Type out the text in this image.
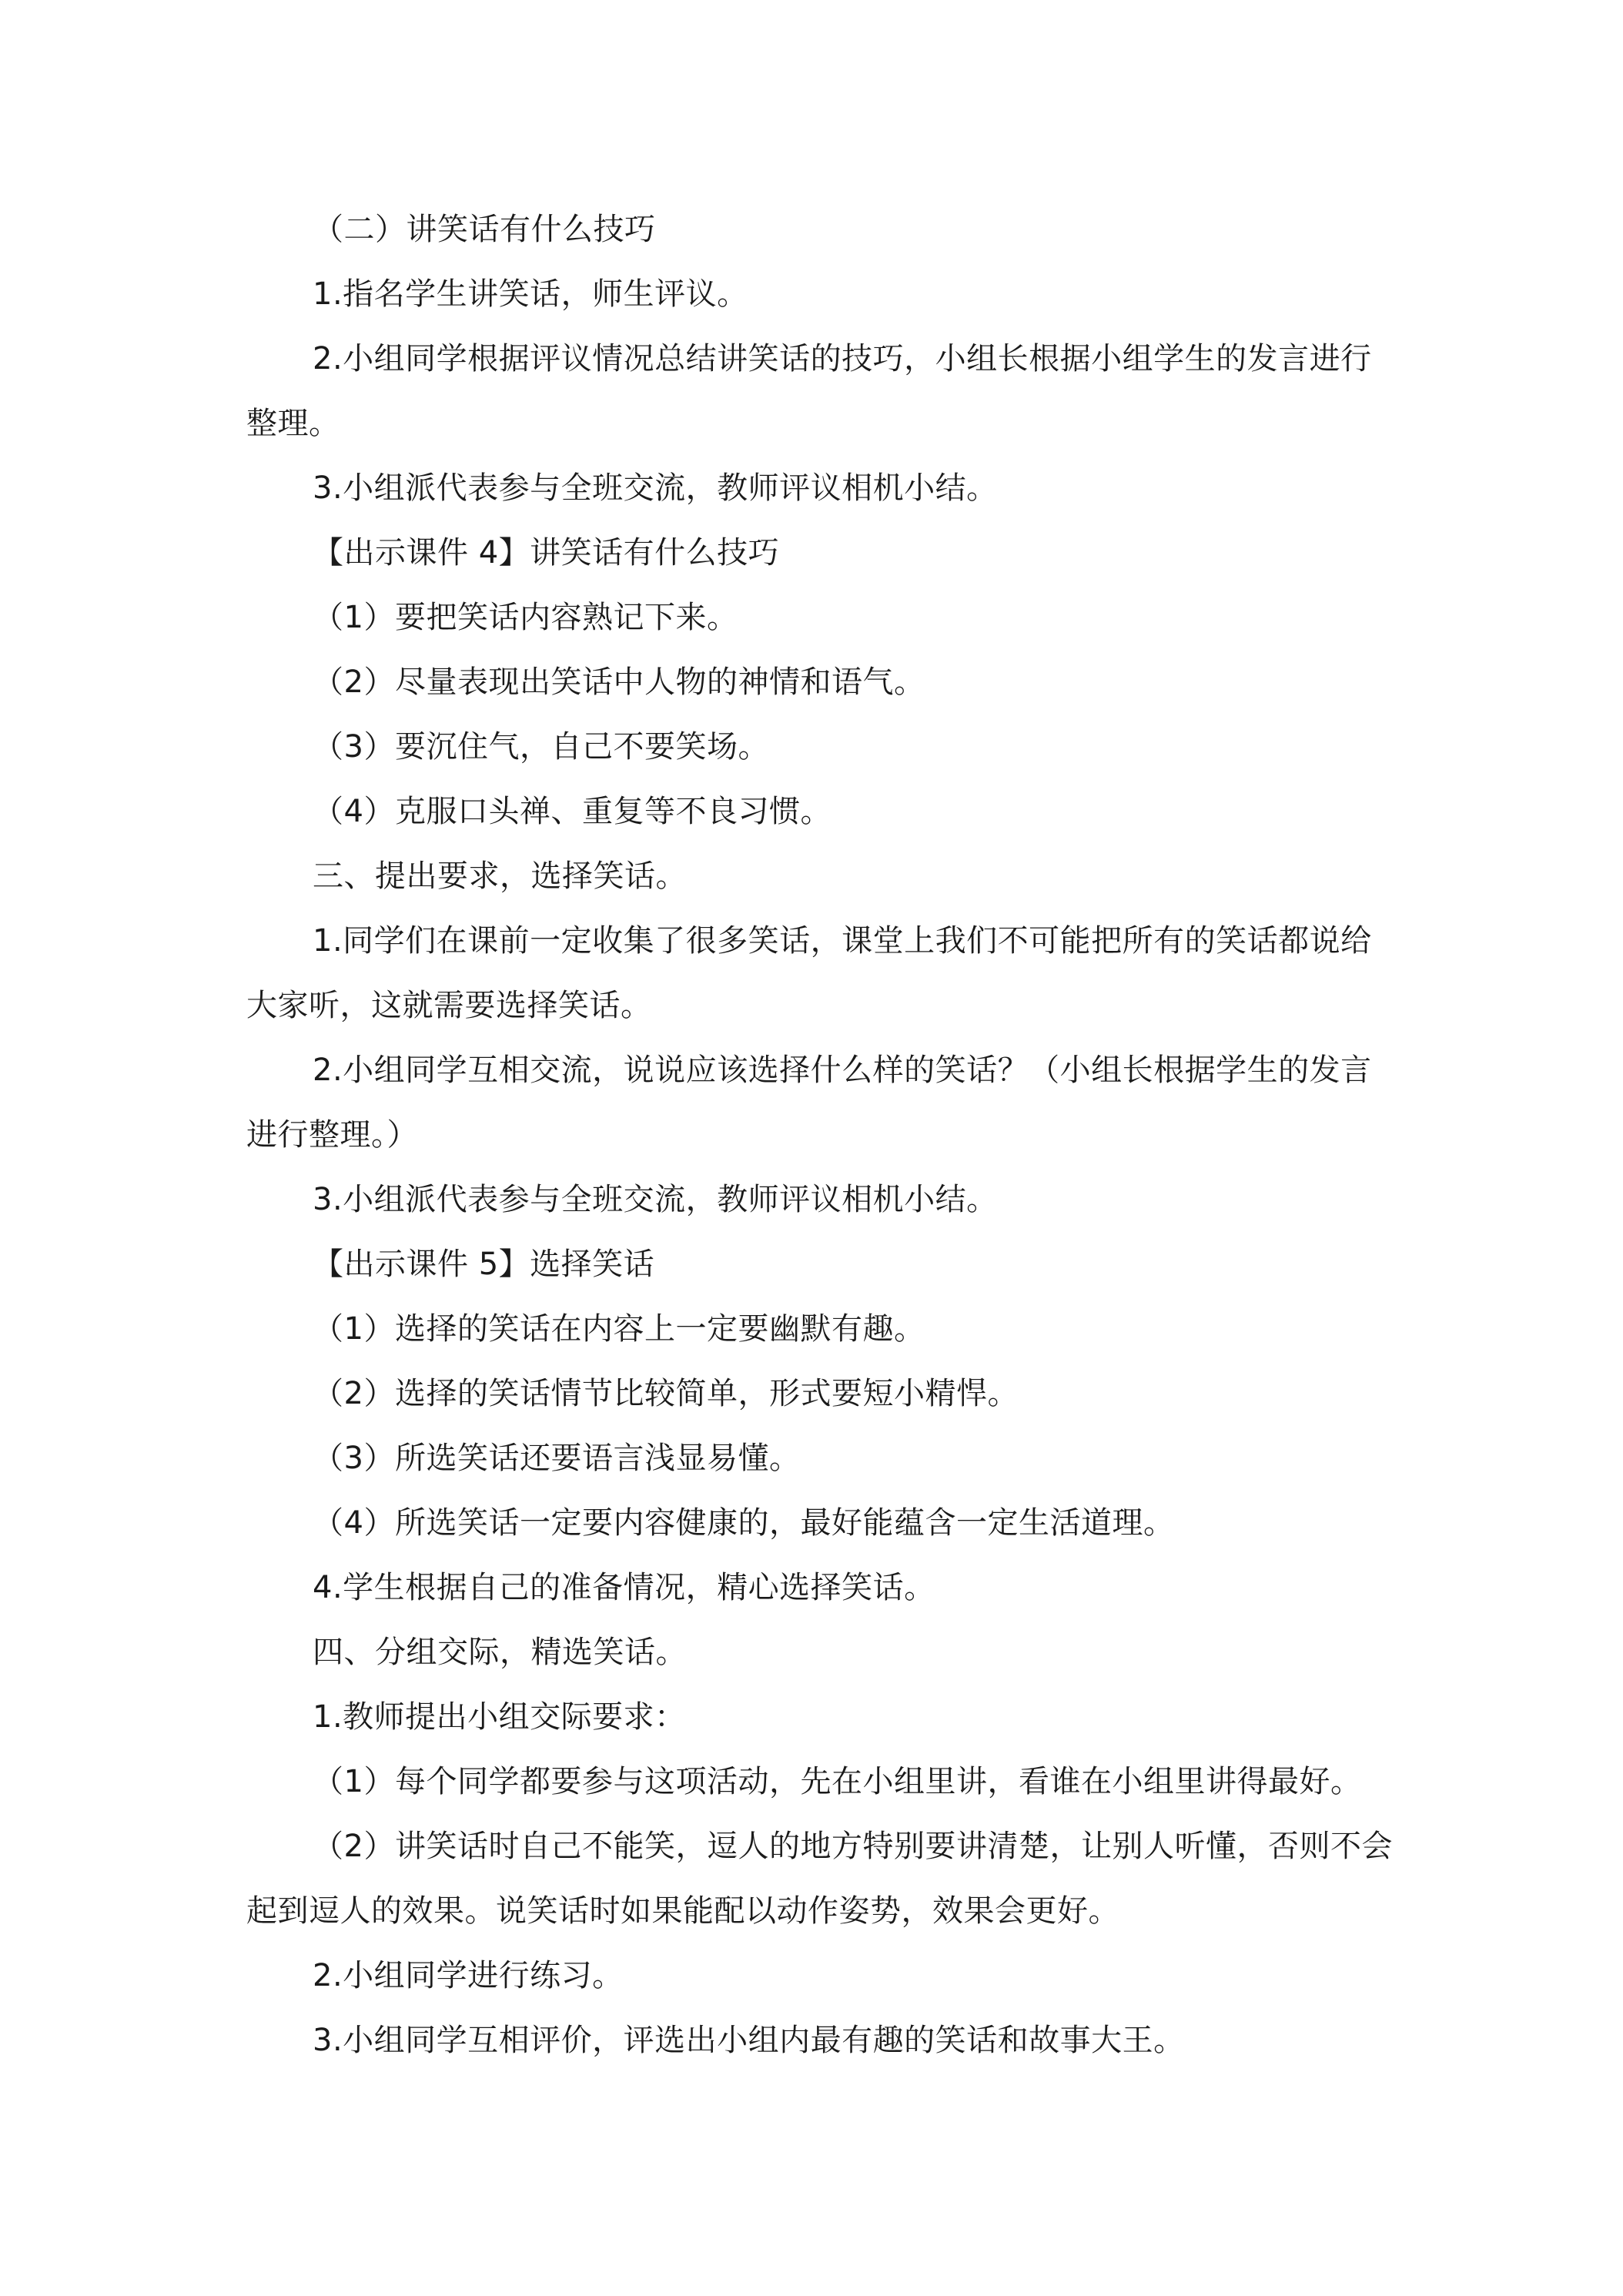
（二）讲笑话有什么技巧
1.指名学生讲笑话，师生评议。
2.小组同学根据评议情况总结讲笑话的技巧，小组长根据小组学生的发言进行整理。
3.小组派代表参与全班交流，教师评议相机小结。
【出示课件 4】讲笑话有什么技巧
（1）要把笑话内容熟记下来。
（2）尽量表现出笑话中人物的神情和语气。
（3）要沉住气，自己不要笑场。
（4）克服口头禅、重复等不良习惯。
三、提出要求，选择笑话。
1.同学们在课前一定收集了很多笑话，课堂上我们不可能把所有的笑话都说给大家听，这就需要选择笑话。
2.小组同学互相交流，说说应该选择什么样的笑话？（小组长根据学生的发言进行整理。）
3.小组派代表参与全班交流，教师评议相机小结。
【出示课件 5】选择笑话
（1）选择的笑话在内容上一定要幽默有趣。
（2）选择的笑话情节比较简单，形式要短小精悍。
（3）所选笑话还要语言浅显易懂。
（4）所选笑话一定要内容健康的，最好能蕴含一定生活道理。
4.学生根据自己的准备情况，精心选择笑话。
四、分组交际，精选笑话。
1.教师提出小组交际要求：
（1）每个同学都要参与这项活动，先在小组里讲，看谁在小组里讲得最好。
（2）讲笑话时自己不能笑，逗人的地方特别要讲清楚，让别人听懂，否则不会起到逗人的效果。说笑话时如果能配以动作姿势，效果会更好。
2.小组同学进行练习。
3.小组同学互相评价，评选出小组内最有趣的笑话和故事大王。
